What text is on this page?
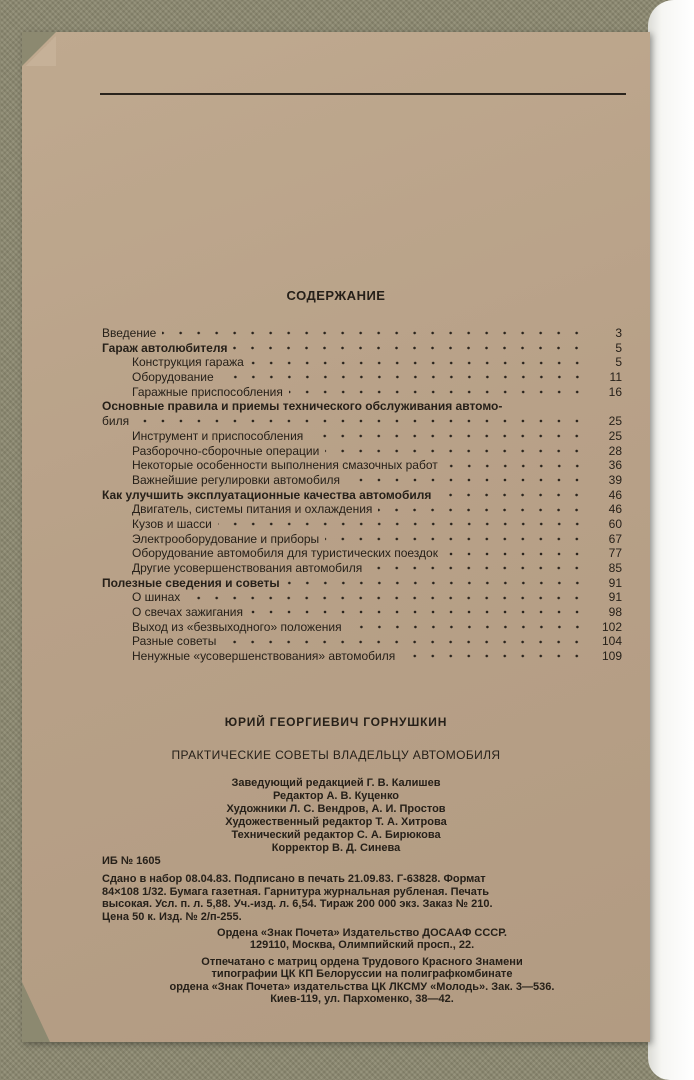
СОДЕРЖАНИЕ
Введение	3
Гараж автолюбителя	5
Конструкция гаража	5
Оборудование	11
Гаражные приспособления	16
Основные правила и приемы технического обслуживания автомо-
биля	25
Инструмент и приспособления	25
Разборочно-сборочные операции	28
Некоторые особенности выполнения смазочных работ	36
Важнейшие регулировки автомобиля	39
Как улучшить эксплуатационные качества автомобиля	46
Двигатель, системы питания и охлаждения	46
Кузов и шасси	60
Электрооборудование и приборы	67
Оборудование автомобиля для туристических поездок	77
Другие усовершенствования автомобиля	85
Полезные сведения и советы	91
О шинах	91
О свечах зажигания	98
Выход из «безвыходного» положения	102
Разные советы	104
Ненужные «усовершенствования» автомобиля	109
ЮРИЙ ГЕОРГИЕВИЧ ГОРНУШКИН
ПРАКТИЧЕСКИЕ СОВЕТЫ ВЛАДЕЛЬЦУ АВТОМОБИЛЯ
Заведующий редакцией Г. В. Калишев
Редактор А. В. Куценко
Художники Л. С. Вендров, А. И. Простов
Художественный редактор Т. А. Хитрова
Технический редактор С. А. Бирюкова
Корректор В. Д. Синева
ИБ № 1605
Сдано в набор 08.04.83. Подписано в печать 21.09.83. Г-63828. Формат
84×108 1/32. Бумага газетная. Гарнитура журнальная рубленая. Печать
высокая. Усл. п. л. 5,88. Уч.-изд. л. 6,54. Тираж 200 000 экз. Заказ № 210.
Цена 50 к. Изд. № 2/п-255.
Ордена «Знак Почета» Издательство ДОСААФ СССР.
129110, Москва, Олимпийский просп., 22.
Отпечатано с матриц ордена Трудового Красного Знамени
типографии ЦК КП Белоруссии на полиграфкомбинате
ордена «Знак Почета» издательства ЦК ЛКСМУ «Молодь». Зак. 3—536.
Киев-119, ул. Пархоменко, 38—42.
